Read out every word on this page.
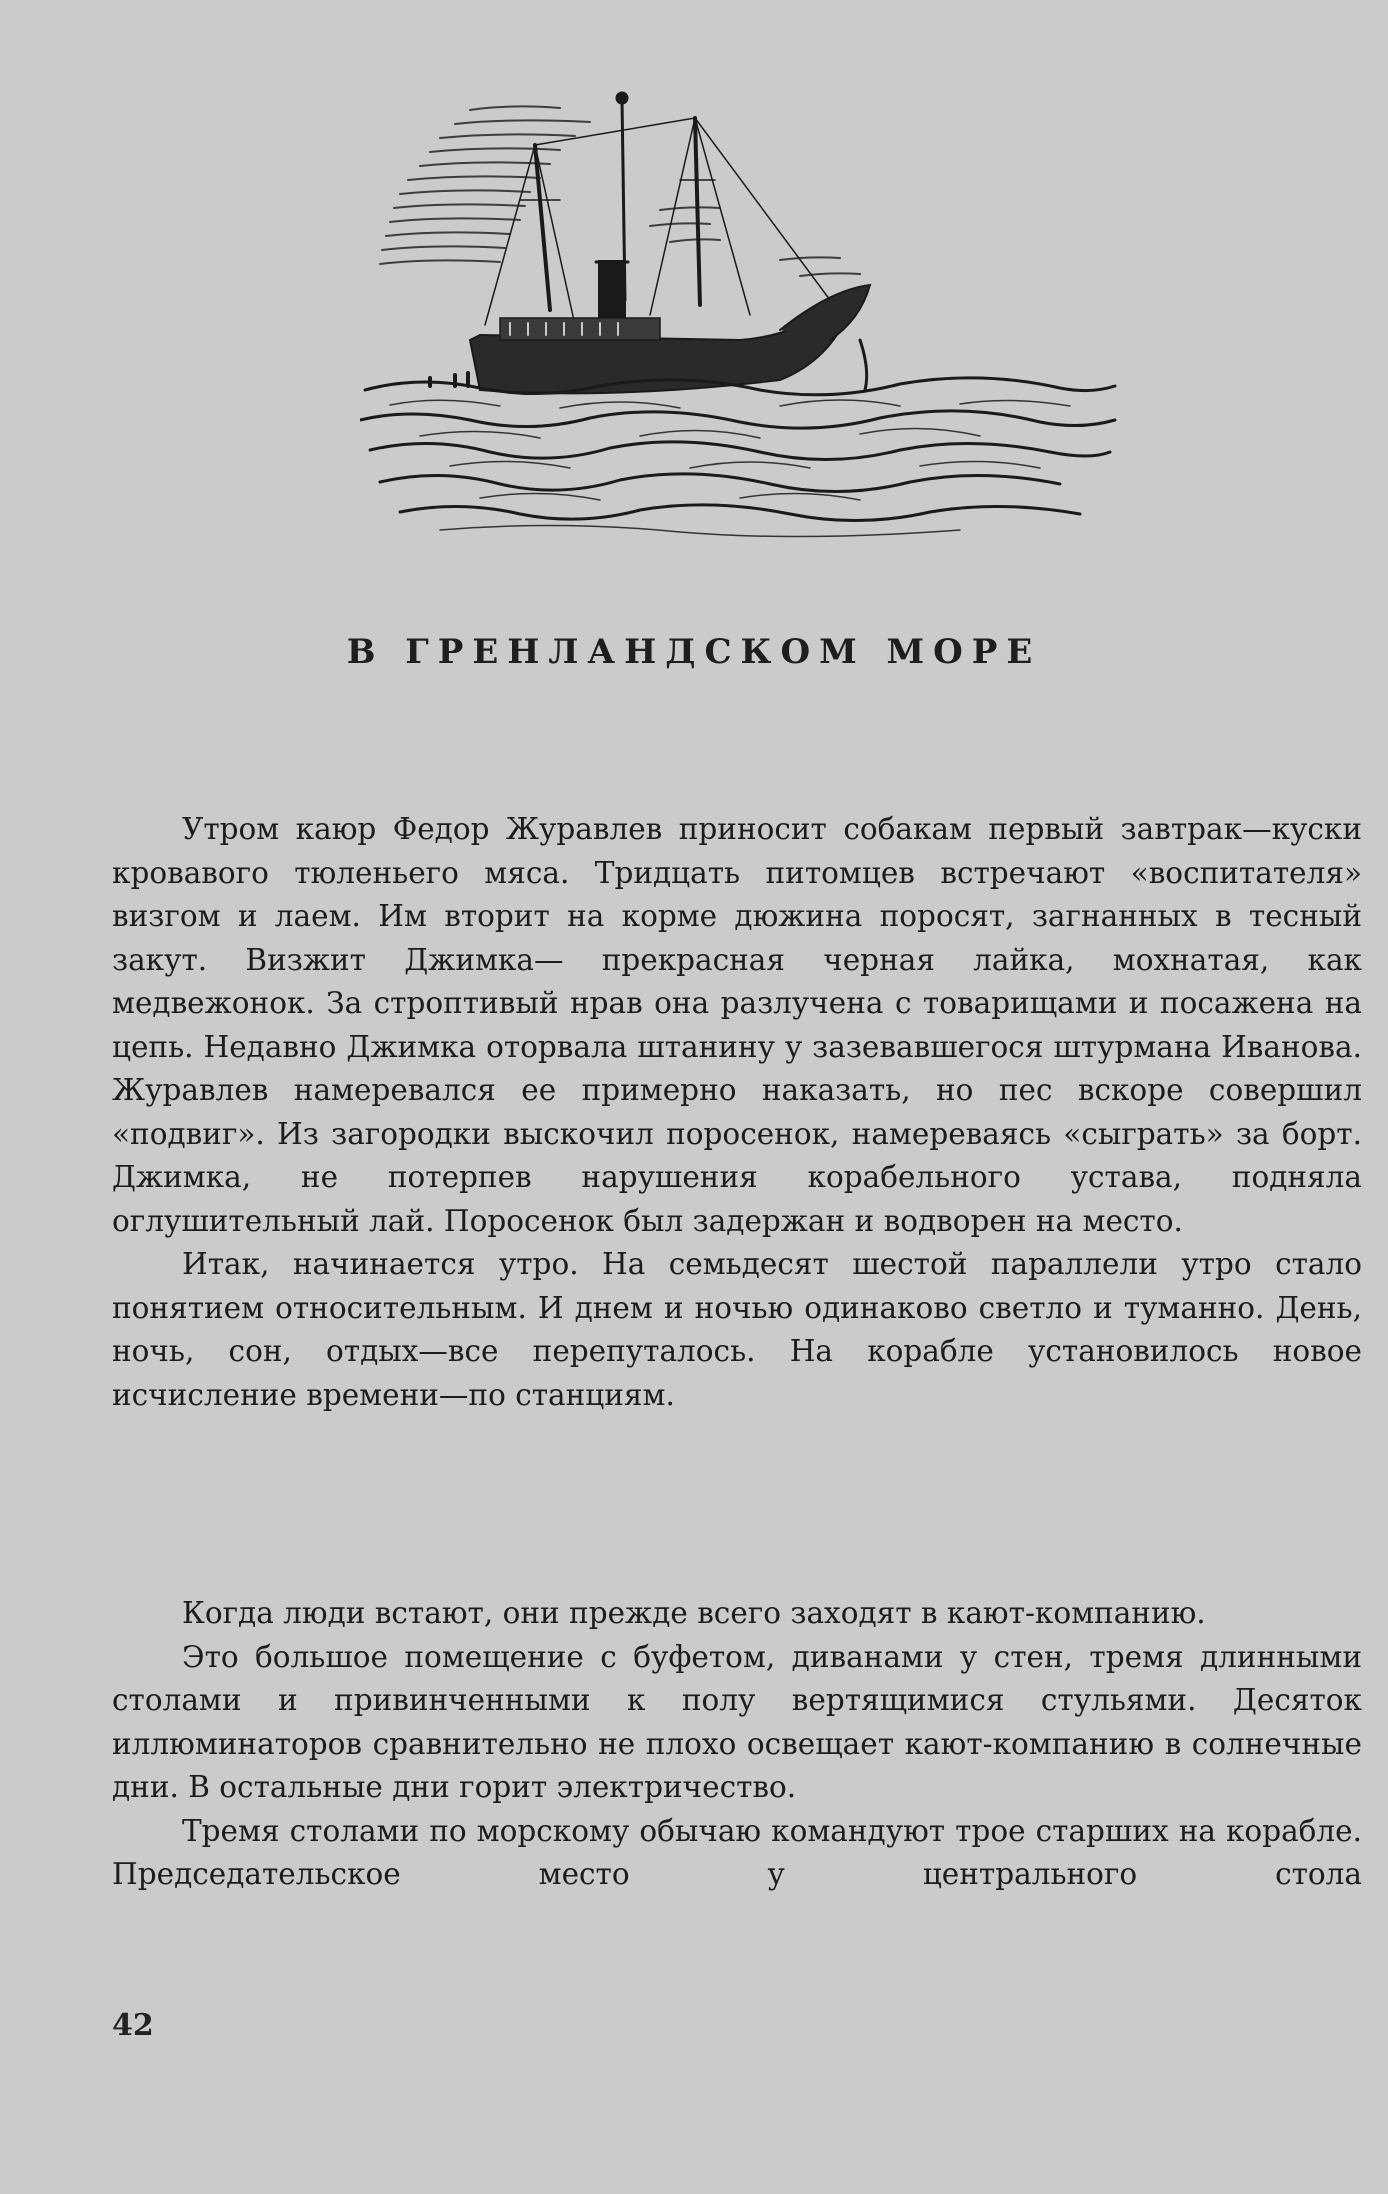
В ГРЕНЛАНДСКОМ МОРЕ

Утром каюр Федор Журавлев приносит собакам первый завтрак—куски кровавого тюленьего мяса. Тридцать питомцев встречают «воспитателя» визгом и лаем. Им вторит на корме дюжина поросят, загнанных в тесный закут. Визжит Джимка— прекрасная черная лайка, мохнатая, как медвежонок. За строптивый нрав она разлучена с товарищами и посажена на цепь. Недавно Джимка оторвала штанину у зазевавшегося штурмана Иванова. Журавлев намеревался ее примерно наказать, но пес вскоре совершил «подвиг». Из загородки выскочил поросенок, намереваясь «сыграть» за борт. Джимка, не потерпев нарушения корабельного устава, подняла оглушительный лай. Поросенок был задержан и водворен на место.

Итак, начинается утро. На семьдесят шестой параллели утро стало понятием относительным. И днем и ночью одинаково светло и туманно. День, ночь, сон, отдых—все перепуталось. На корабле установилось новое исчисление времени—по станциям.

Когда люди встают, они прежде всего заходят в кают-компанию.

Это большое помещение с буфетом, диванами у стен, тремя длинными столами и привинченными к полу вертящимися стульями. Десяток иллюминаторов сравнительно не плохо освещает кают-компанию в солнечные дни. В остальные дни горит электричество.

Тремя столами по морскому обычаю командуют трое старших на корабле. Председательское место у центрального стола

42
